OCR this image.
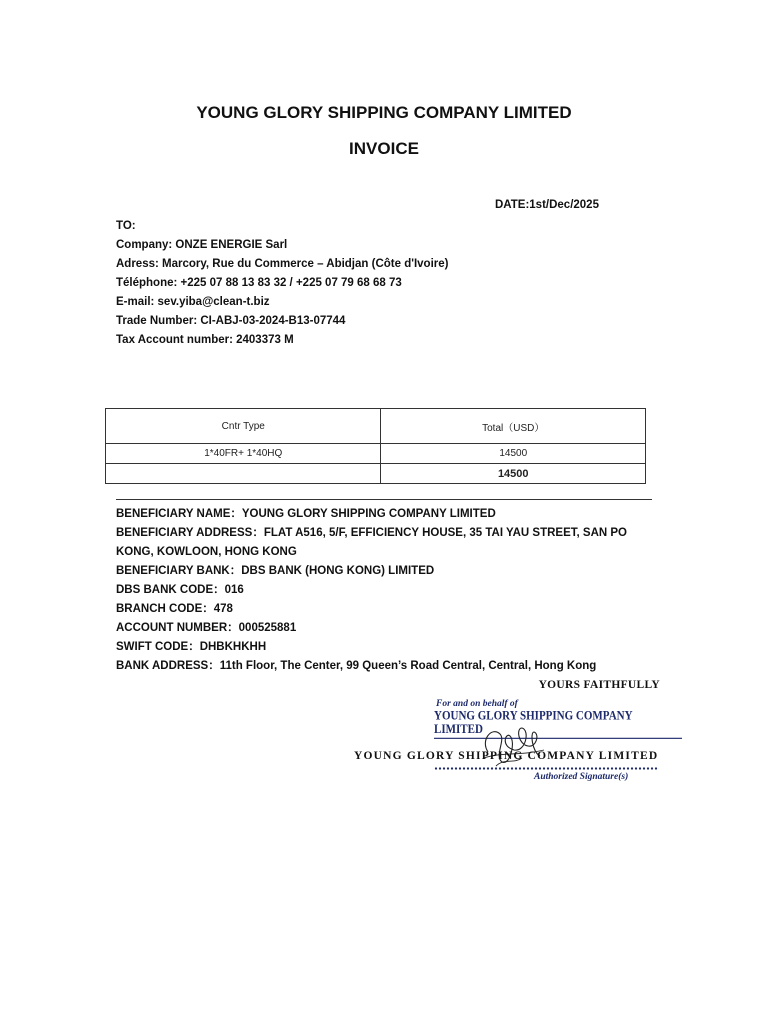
YOUNG GLORY SHIPPING COMPANY LIMITED
INVOICE
DATE:1st/Dec/2025
TO:
Company: ONZE ENERGIE Sarl
Adress: Marcory, Rue du Commerce – Abidjan (Côte d'Ivoire)
Téléphone: +225 07 88 13 83 32 / +225 07 79 68 68 73
E-mail: sev.yiba@clean-t.biz
Trade Number: CI-ABJ-03-2024-B13-07744
Tax Account number: 2403373 M
Cntr Type	Total（USD）
1*40FR+ 1*40HQ	14500
	14500
BENEFICIARY NAME：YOUNG GLORY SHIPPING COMPANY LIMITED
BENEFICIARY ADDRESS：FLAT A516, 5/F, EFFICIENCY HOUSE, 35 TAI YAU STREET, SAN PO KONG, KOWLOON, HONG KONG
BENEFICIARY BANK：DBS BANK (HONG KONG) LIMITED
DBS BANK CODE：016
BRANCH CODE：478
ACCOUNT NUMBER：000525881
SWIFT CODE：DHBKHKHH
BANK ADDRESS：11th Floor, The Center, 99 Queen’s Road Central, Central, Hong Kong
YOURS FAITHFULLY
For and on behalf of
YOUNG GLORY SHIPPING COMPANY LIMITED
YOUNG GLORY SHIPPING COMPANY LIMITED
Authorized Signature(s)
